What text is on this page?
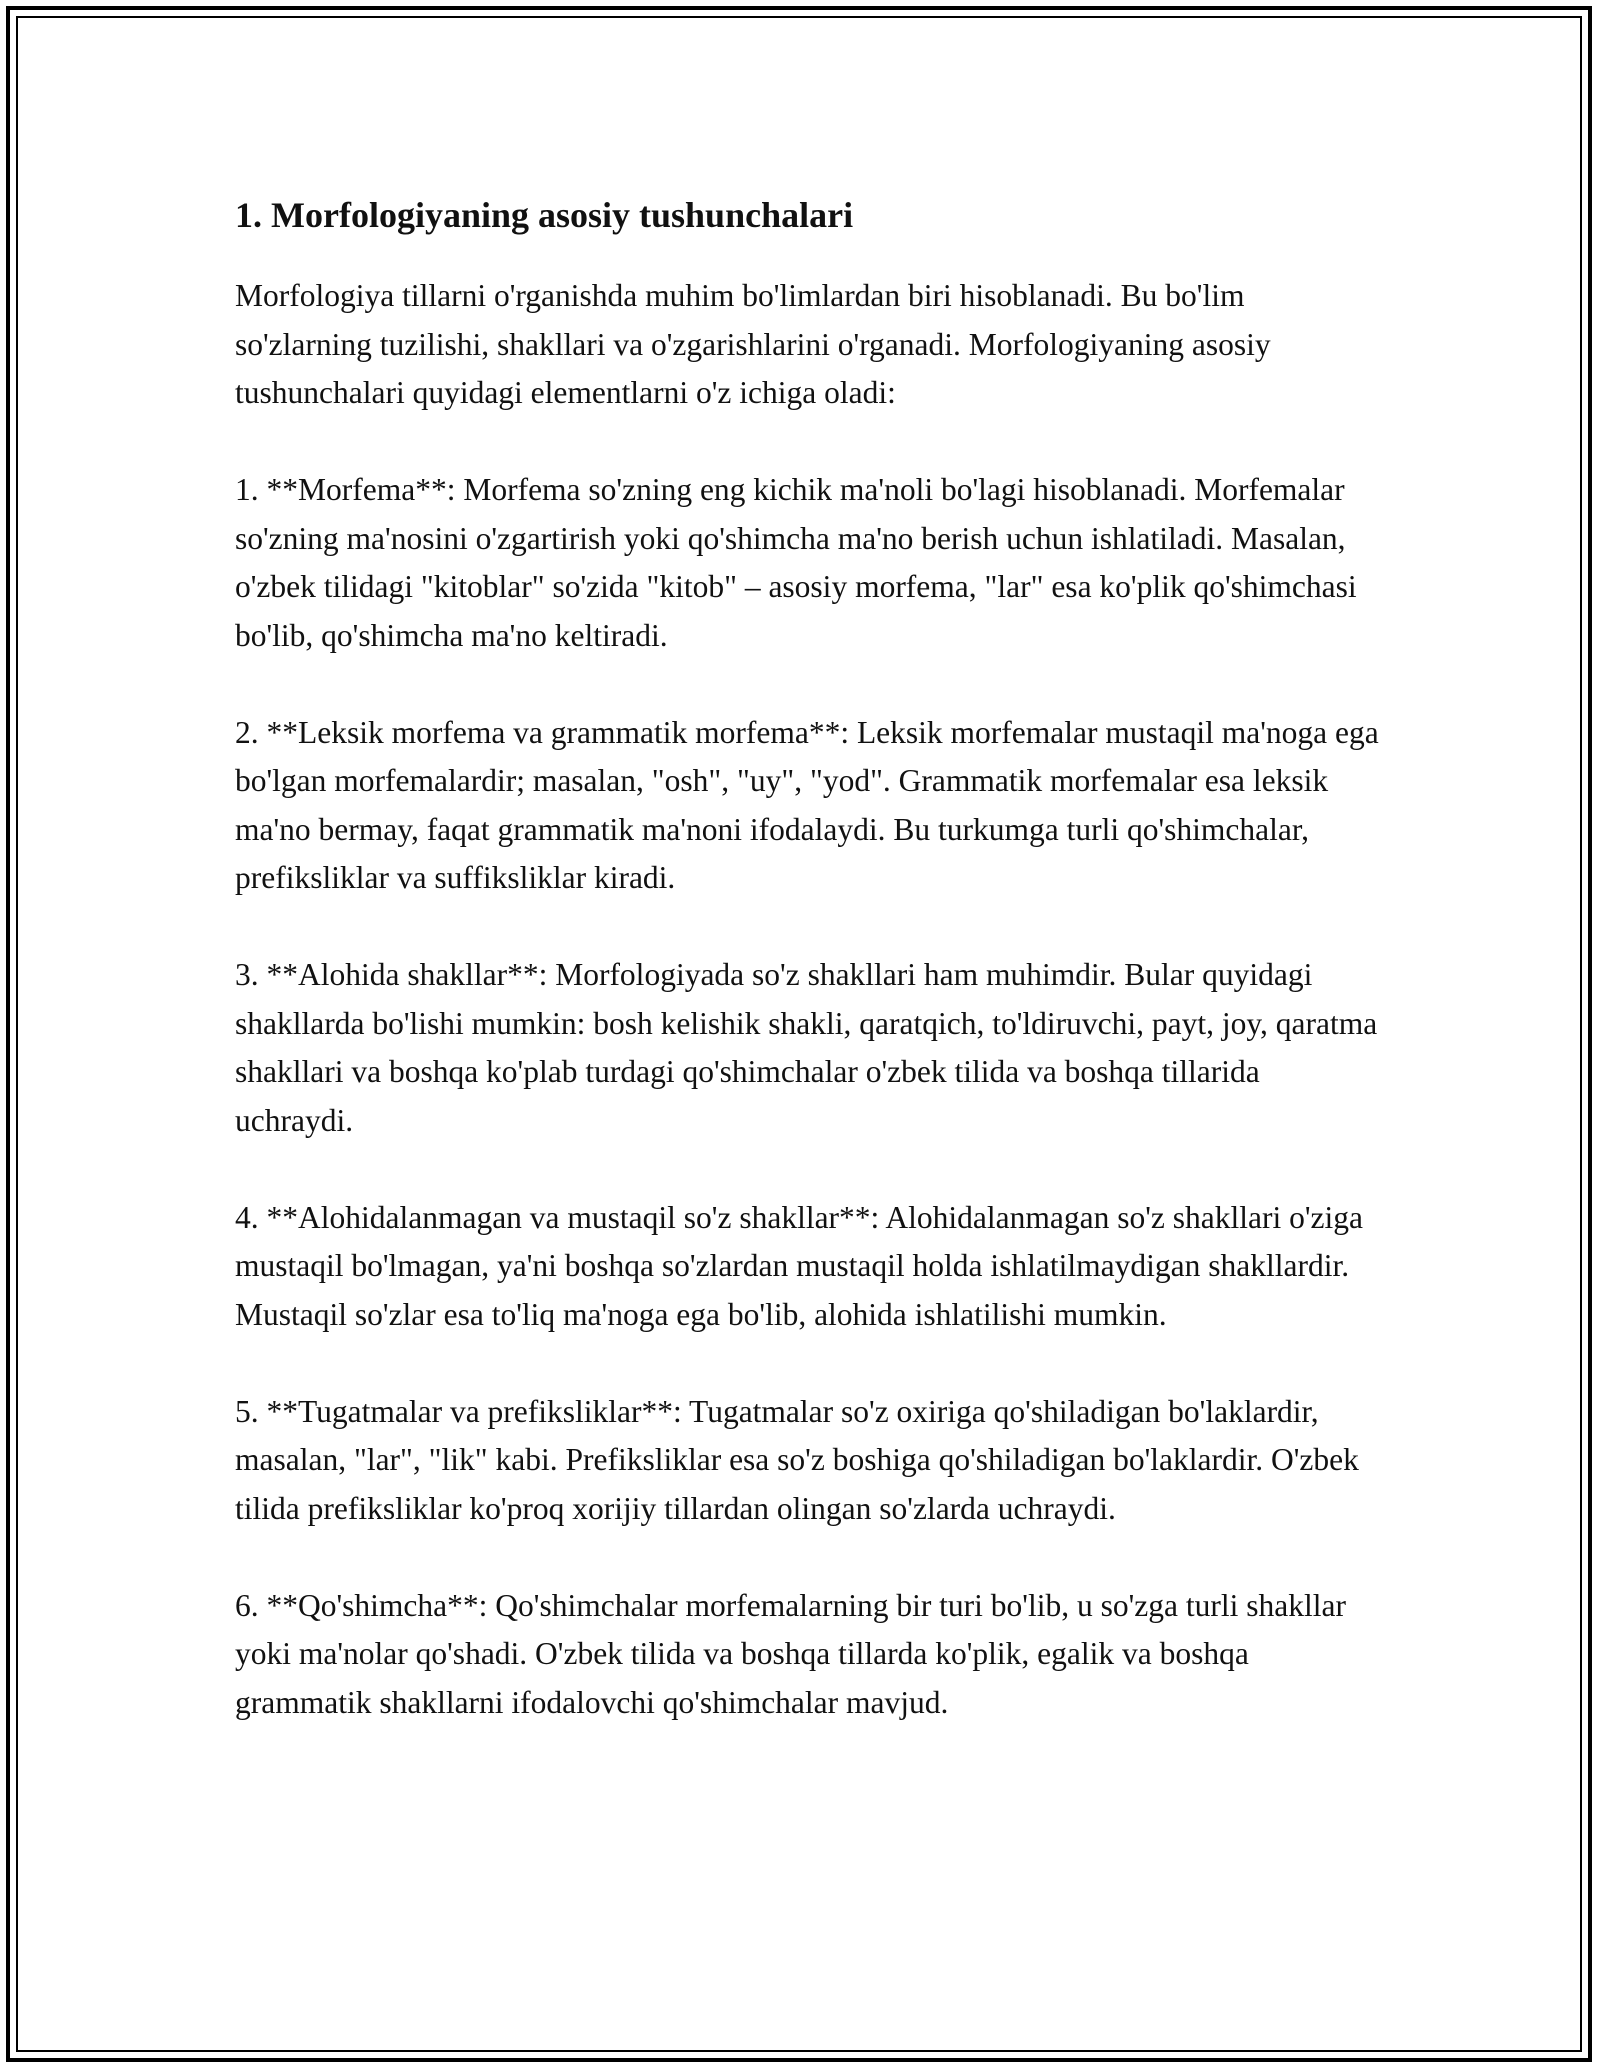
1. Morfologiyaning asosiy tushunchalari

Morfologiya tillarni o'rganishda muhim bo'limlardan biri hisoblanadi. Bu bo'lim so'zlarning tuzilishi, shakllari va o'zgarishlarini o'rganadi. Morfologiyaning asosiy tushunchalari quyidagi elementlarni o'z ichiga oladi:

1. **Morfema**: Morfema so'zning eng kichik ma'noli bo'lagi hisoblanadi. Morfemalar so'zning ma'nosini o'zgartirish yoki qo'shimcha ma'no berish uchun ishlatiladi. Masalan, o'zbek tilidagi "kitoblar" so'zida "kitob" – asosiy morfema, "lar" esa ko'plik qo'shimchasi bo'lib, qo'shimcha ma'no keltiradi.

2. **Leksik morfema va grammatik morfema**: Leksik morfemalar mustaqil ma'noga ega bo'lgan morfemalardir; masalan, "osh", "uy", "yod". Grammatik morfemalar esa leksik ma'no bermay, faqat grammatik ma'noni ifodalaydi. Bu turkumga turli qo'shimchalar, prefiksliklar va suffiksliklar kiradi.

3. **Alohida shakllar**: Morfologiyada so'z shakllari ham muhimdir. Bular quyidagi shakllarda bo'lishi mumkin: bosh kelishik shakli, qaratqich, to'ldiruvchi, payt, joy, qaratma shakllari va boshqa ko'plab turdagi qo'shimchalar o'zbek tilida va boshqa tillarida uchraydi.

4. **Alohidalanmagan va mustaqil so'z shakllar**: Alohidalanmagan so'z shakllari o'ziga mustaqil bo'lmagan, ya'ni boshqa so'zlardan mustaqil holda ishlatilmaydigan shakllardir. Mustaqil so'zlar esa to'liq ma'noga ega bo'lib, alohida ishlatilishi mumkin.

5. **Tugatmalar va prefiksliklar**: Tugatmalar so'z oxiriga qo'shiladigan bo'laklardir, masalan, "lar", "lik" kabi. Prefiksliklar esa so'z boshiga qo'shiladigan bo'laklardir. O'zbek tilida prefiksliklar ko'proq xorijiy tillardan olingan so'zlarda uchraydi.

6. **Qo'shimcha**: Qo'shimchalar morfemalarning bir turi bo'lib, u so'zga turli shakllar yoki ma'nolar qo'shadi. O'zbek tilida va boshqa tillarda ko'plik, egalik va boshqa grammatik shakllarni ifodalovchi qo'shimchalar mavjud.
